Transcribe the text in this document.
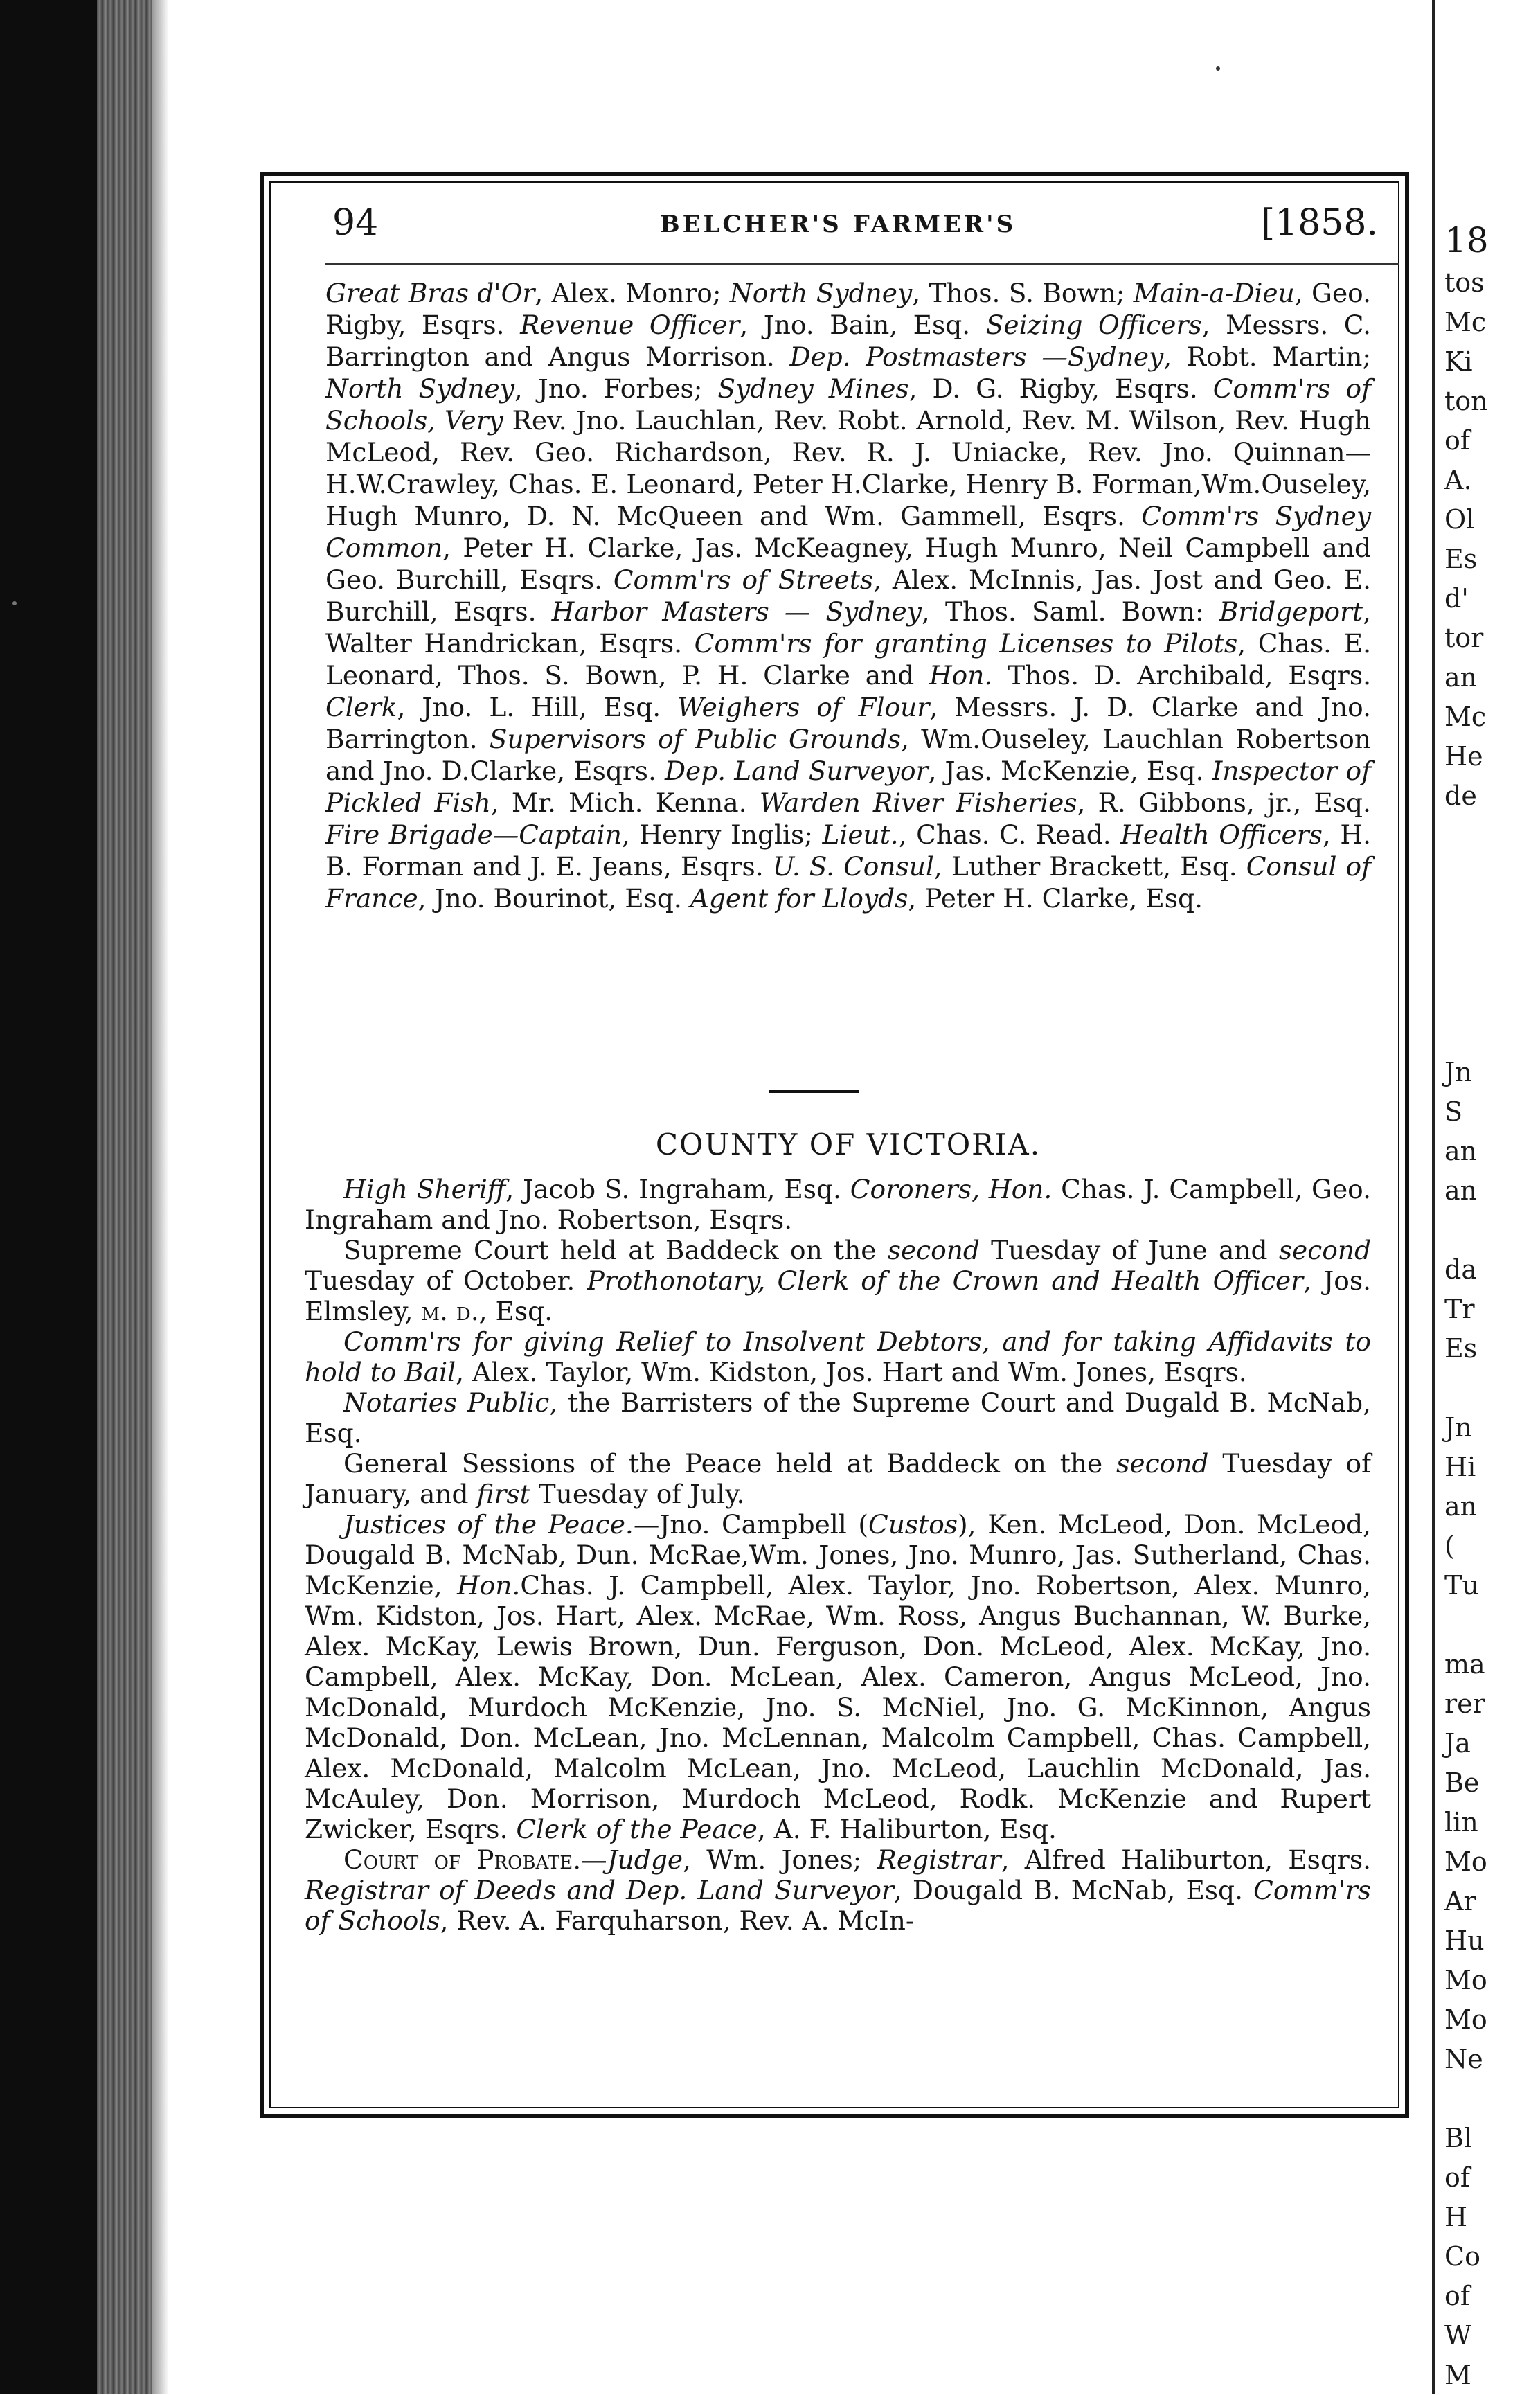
18
tos
Mc
Ki
ton
of
A.
Ol
Es
d'
tor
an
Mc
He
de
Jn
S
an
an
da
Tr
Es
Jn
Hi
an
(
Tu
ma
rer
Ja
Be
lin
Mo
Ar
Hu
Mo
Mo
Ne
Bl
of
H
Co
of
W
M
94	BELCHER'S FARMER'S	[1858.

Great Bras d'Or, Alex. Monro; North Sydney, Thos. S. Bown; Main-a-Dieu, Geo. Rigby, Esqrs. Revenue Officer, Jno. Bain, Esq. Seizing Officers, Messrs. C. Barrington and Angus Morrison. Dep. Postmasters —Sydney, Robt. Martin; North Sydney, Jno. Forbes; Sydney Mines, D. G. Rigby, Esqrs. Comm'rs of Schools, Very Rev. Jno. Lauchlan, Rev. Robt. Arnold, Rev. M. Wilson, Rev. Hugh McLeod, Rev. Geo. Richardson, Rev. R. J. Uniacke, Rev. Jno. Quinnan—H.W.Crawley, Chas. E. Leonard, Peter H.Clarke, Henry B. Forman,Wm.Ouseley, Hugh Munro, D. N. McQueen and Wm. Gammell, Esqrs. Comm'rs Sydney Common, Peter H. Clarke, Jas. McKeagney, Hugh Munro, Neil Campbell and Geo. Burchill, Esqrs. Comm'rs of Streets, Alex. McInnis, Jas. Jost and Geo. E. Burchill, Esqrs. Harbor Masters — Sydney, Thos. Saml. Bown: Bridgeport, Walter Handrickan, Esqrs. Comm'rs for granting Licenses to Pilots, Chas. E. Leonard, Thos. S. Bown, P. H. Clarke and Hon. Thos. D. Archibald, Esqrs. Clerk, Jno. L. Hill, Esq. Weighers of Flour, Messrs. J. D. Clarke and Jno. Barrington. Supervisors of Public Grounds, Wm.Ouseley, Lauchlan Robertson and Jno. D.Clarke, Esqrs. Dep. Land Surveyor, Jas. McKenzie, Esq. Inspector of Pickled Fish, Mr. Mich. Kenna. Warden River Fisheries, R. Gibbons, jr., Esq. Fire Brigade—Captain, Henry Inglis; Lieut., Chas. C. Read. Health Officers, H. B. Forman and J. E. Jeans, Esqrs. U. S. Consul, Luther Brackett, Esq. Consul of France, Jno. Bourinot, Esq. Agent for Lloyds, Peter H. Clarke, Esq.

COUNTY OF VICTORIA.

High Sheriff, Jacob S. Ingraham, Esq. Coroners, Hon. Chas. J. Campbell, Geo. Ingraham and Jno. Robertson, Esqrs.

Supreme Court held at Baddeck on the second Tuesday of June and second Tuesday of October. Prothonotary, Clerk of the Crown and Health Officer, Jos. Elmsley, m. d., Esq.

Comm'rs for giving Relief to Insolvent Debtors, and for taking Affidavits to hold to Bail, Alex. Taylor, Wm. Kidston, Jos. Hart and Wm. Jones, Esqrs.

Notaries Public, the Barristers of the Supreme Court and Dugald B. McNab, Esq.

General Sessions of the Peace held at Baddeck on the second Tuesday of January, and first Tuesday of July.

Justices of the Peace.—Jno. Campbell (Custos), Ken. McLeod, Don. McLeod, Dougald B. McNab, Dun. McRae,Wm. Jones, Jno. Munro, Jas. Sutherland, Chas. McKenzie, Hon.Chas. J. Campbell, Alex. Taylor, Jno. Robertson, Alex. Munro, Wm. Kidston, Jos. Hart, Alex. McRae, Wm. Ross, Angus Buchannan, W. Burke, Alex. McKay, Lewis Brown, Dun. Ferguson, Don. McLeod, Alex. McKay, Jno. Campbell, Alex. McKay, Don. McLean, Alex. Cameron, Angus McLeod, Jno. McDonald, Murdoch McKenzie, Jno. S. McNiel, Jno. G. McKinnon, Angus McDonald, Don. McLean, Jno. McLennan, Malcolm Campbell, Chas. Campbell, Alex. McDonald, Malcolm McLean, Jno. McLeod, Lauchlin McDonald, Jas. McAuley, Don. Morrison, Murdoch McLeod, Rodk. McKenzie and Rupert Zwicker, Esqrs. Clerk of the Peace, A. F. Haliburton, Esq.

Court of Probate.—Judge, Wm. Jones; Registrar, Alfred Haliburton, Esqrs. Registrar of Deeds and Dep. Land Surveyor, Dougald B. McNab, Esq. Comm'rs of Schools, Rev. A. Farquharson, Rev. A. McIn-
